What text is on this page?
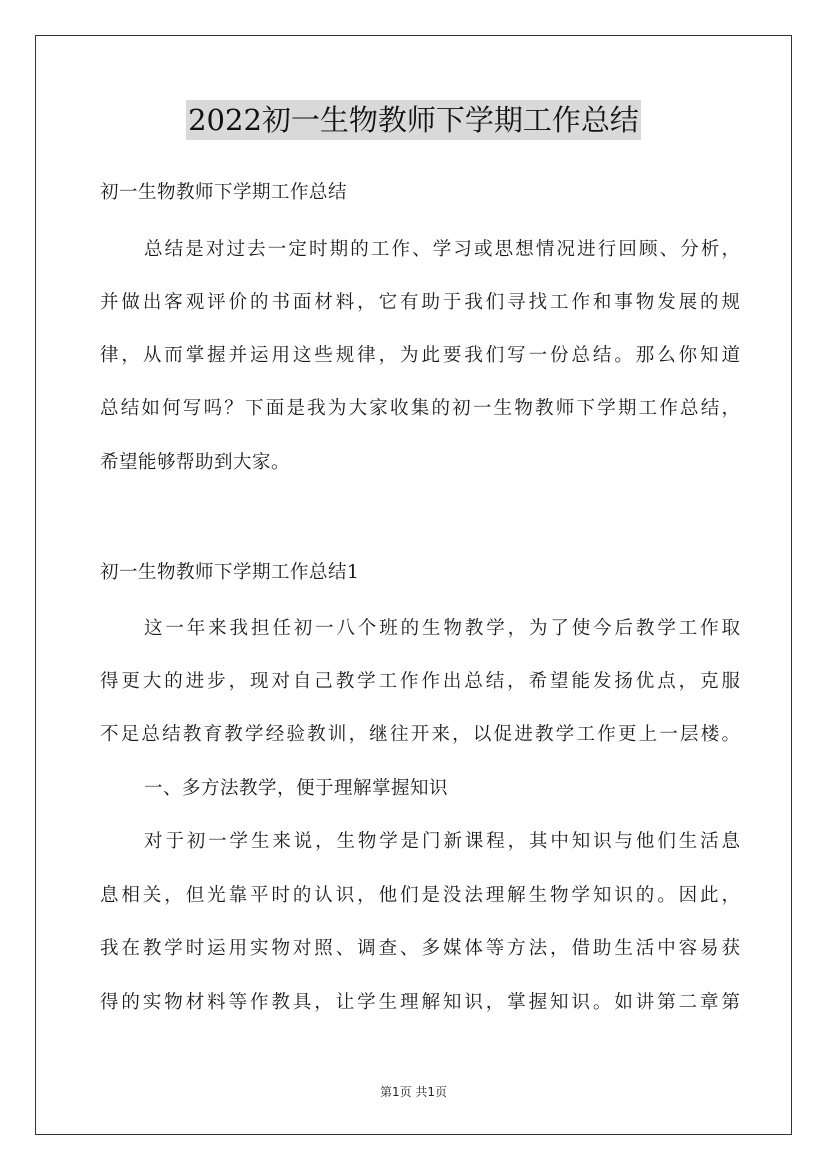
2022初一生物教师下学期工作总结
初一生物教师下学期工作总结
总结是对过去一定时期的工作、学习或思想情况进行回顾、分析，
并做出客观评价的书面材料，它有助于我们寻找工作和事物发展的规
律，从而掌握并运用这些规律，为此要我们写一份总结。那么你知道
总结如何写吗？下面是我为大家收集的初一生物教师下学期工作总结，
希望能够帮助到大家。
初一生物教师下学期工作总结1
这一年来我担任初一八个班的生物教学，为了使今后教学工作取
得更大的进步，现对自己教学工作作出总结，希望能发扬优点，克服
不足总结教育教学经验教训，继往开来，以促进教学工作更上一层楼。
一、多方法教学，便于理解掌握知识
对于初一学生来说，生物学是门新课程，其中知识与他们生活息
息相关，但光靠平时的认识，他们是没法理解生物学知识的。因此，
我在教学时运用实物对照、调查、多媒体等方法，借助生活中容易获
得的实物材料等作教具，让学生理解知识，掌握知识。如讲第二章第
第1页 共1页
